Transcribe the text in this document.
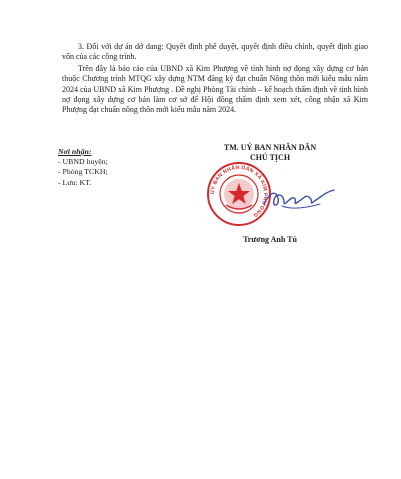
3. Đối với dự án dở dang: Quyết định phê duyệt, quyết định điều chỉnh, quyết định giao vốn của các công trình.

Trên đây là báo cáo của UBND xã Kim Phượng về tình hình nợ đọng xây dựng cơ bản thuộc Chương trình MTQG xây dựng NTM đăng ký đạt chuẩn Nông thôn mới kiểu mẫu năm 2024 của UBND xã Kim Phượng . Đề nghị Phòng Tài chính – kế hoạch thẩm định về tình hình nợ đọng xây dựng cơ bản làm cơ sở để Hội đồng thẩm định xem xét, công nhận xã Kim Phượng đạt chuẩn nông thôn mới kiểu mẫu năm 2024.

Nơi nhận:
- UBND huyện;
- Phòng TCKH;
- Lưu: KT.
TM. UỶ BAN NHÂN DÂN
CHỦ TỊCH
ỦY BAN NHÂN DÂN XÃ KIM PHƯỢNG
Trương Anh Tú
